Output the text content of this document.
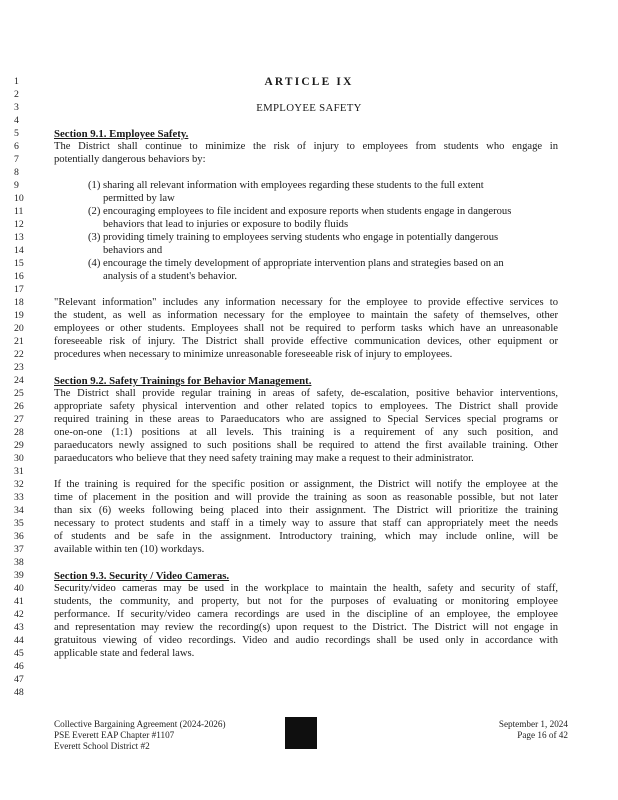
1	ARTICLE IX
2
3	EMPLOYEE SAFETY
4
5	Section 9.1. Employee Safety.
6	The District shall continue to minimize the risk of injury to employees from students who engage in
7	potentially dangerous behaviors by:
8
9	(1) sharing all relevant information with employees regarding these students to the full extent
10	permitted by law
11	(2) encouraging employees to file incident and exposure reports when students engage in dangerous
12	behaviors that lead to injuries or exposure to bodily fluids
13	(3) providing timely training to employees serving students who engage in potentially dangerous
14	behaviors and
15	(4) encourage the timely development of appropriate intervention plans and strategies based on an
16	analysis of a student's behavior.
17
18	"Relevant information" includes any information necessary for the employee to provide effective services to
19	the student, as well as information necessary for the employee to maintain the safety of themselves, other
20	employees or other students. Employees shall not be required to perform tasks which have an unreasonable
21	foreseeable risk of injury. The District shall provide effective communication devices, other equipment or
22	procedures when necessary to minimize unreasonable foreseeable risk of injury to employees.
23
24	Section 9.2. Safety Trainings for Behavior Management.
25	The District shall provide regular training in areas of safety, de-escalation, positive behavior interventions,
26	appropriate safety physical intervention and other related topics to employees. The District shall provide
27	required training in these areas to Paraeducators who are assigned to Special Services special programs or
28	one-on-one (1:1) positions at all levels. This training is a requirement of any such position, and
29	paraeducators newly assigned to such positions shall be required to attend the first available training. Other
30	paraeducators who believe that they need safety training may make a request to their administrator.
31
32	If the training is required for the specific position or assignment, the District will notify the employee at the
33	time of placement in the position and will provide the training as soon as reasonable possible, but not later
34	than six (6) weeks following being placed into their assignment. The District will prioritize the training
35	necessary to protect students and staff in a timely way to assure that staff can appropriately meet the needs
36	of students and be safe in the assignment. Introductory training, which may include online, will be
37	available within ten (10) workdays.
38
39	Section 9.3. Security / Video Cameras.
40	Security/video cameras may be used in the workplace to maintain the health, safety and security of staff,
41	students, the community, and property, but not for the purposes of evaluating or monitoring employee
42	performance. If security/video camera recordings are used in the discipline of an employee, the employee
43	and representation may review the recording(s) upon request to the District. The District will not engage in
44	gratuitous viewing of video recordings. Video and audio recordings shall be used only in accordance with
45	applicable state and federal laws.
46
47
48
Collective Bargaining Agreement (2024-2026)
PSE Everett EAP Chapter #1107
Everett School District #2
September 1, 2024
Page 16 of 42
